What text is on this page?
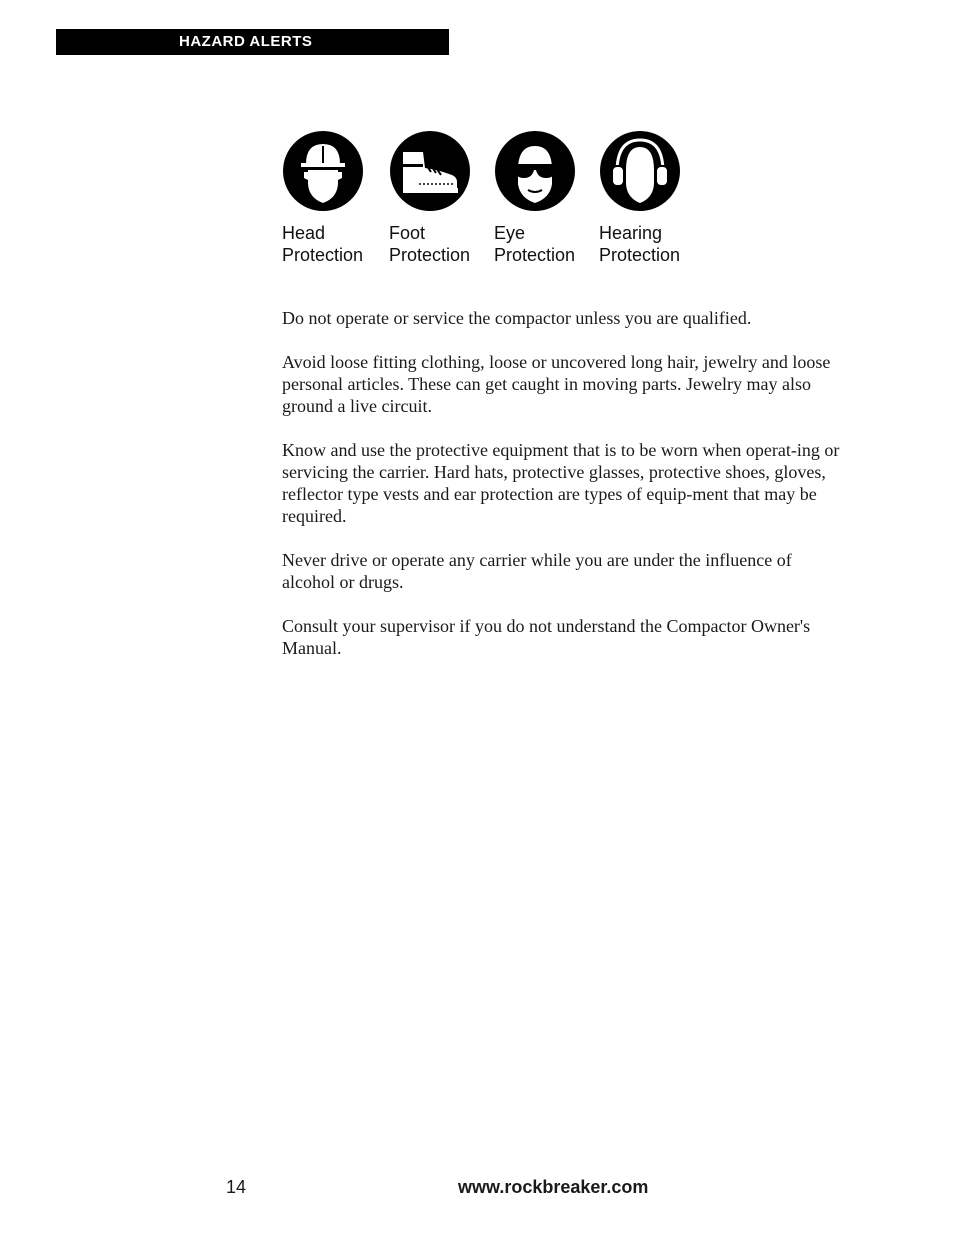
HAZARD ALERTS
Head
Protection
Foot
Protection
Eye
Protection
Hearing
Protection

Do not operate or service the compactor unless you are qualified.

Avoid loose fitting clothing, loose or uncovered long hair, jewelry and loose personal articles. These can get caught in moving parts. Jewelry may also ground a live circuit.

Know and use the protective equipment that is to be worn when operat-ing or servicing the carrier. Hard hats, protective glasses, protective shoes, gloves, reflector type vests and ear protection are types of equip-ment that may be required.

Never drive or operate any carrier while you are under the influence of alcohol or drugs.

Consult your supervisor if you do not understand the Compactor Owner's Manual.

14	www.rockbreaker.com
